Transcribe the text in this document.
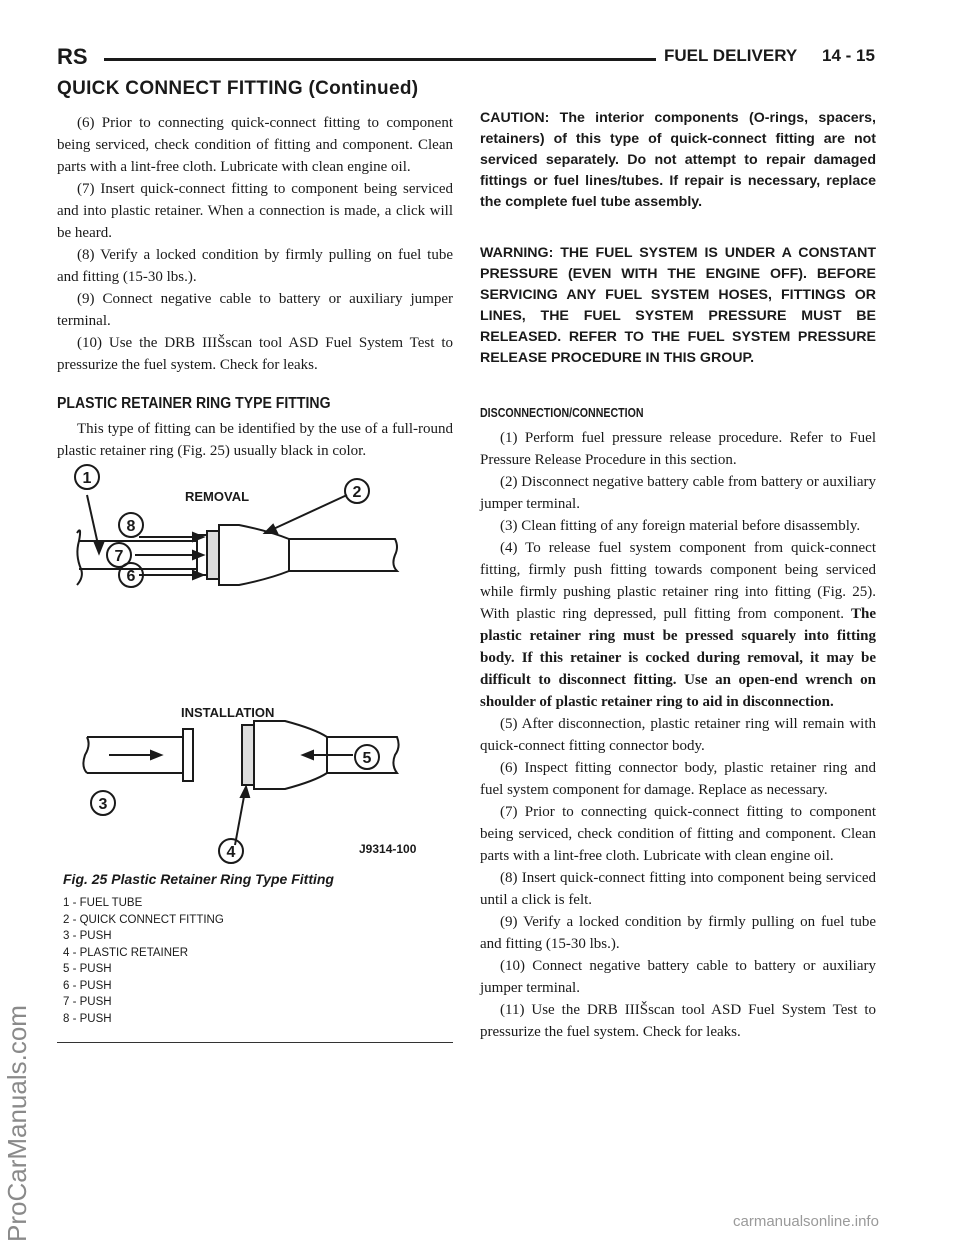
RS	FUEL DELIVERY 14 - 15
QUICK CONNECT FITTING (Continued)

(6) Prior to connecting quick-connect fitting to component being serviced, check condition of fitting and component. Clean parts with a lint-free cloth. Lubricate with clean engine oil.

(7) Insert quick-connect fitting to component being serviced and into plastic retainer. When a connection is made, a click will be heard.

(8) Verify a locked condition by firmly pulling on fuel tube and fitting (15-30 lbs.).

(9) Connect negative cable to battery or auxiliary jumper terminal.

(10) Use the DRB IIIŠscan tool ASD Fuel System Test to pressurize the fuel system. Check for leaks.

PLASTIC RETAINER RING TYPE FITTING

This type of fitting can be identified by the use of a full-round plastic retainer ring (Fig. 25) usually black in color.

REMOVAL
INSTALLATION
J9314-100
1
2
3
4
5
6
7
8
Fig. 25 Plastic Retainer Ring Type Fitting
1 - FUEL TUBE
2 - QUICK CONNECT FITTING
3 - PUSH
4 - PLASTIC RETAINER
5 - PUSH
6 - PUSH
7 - PUSH
8 - PUSH
CAUTION: The interior components (O-rings, spacers, retainers) of this type of quick-connect fitting are not serviced separately. Do not attempt to repair damaged fittings or fuel lines/tubes. If repair is necessary, replace the complete fuel tube assembly.
WARNING: THE FUEL SYSTEM IS UNDER A CONSTANT PRESSURE (EVEN WITH THE ENGINE OFF). BEFORE SERVICING ANY FUEL SYSTEM HOSES, FITTINGS OR LINES, THE FUEL SYSTEM PRESSURE MUST BE RELEASED. REFER TO THE FUEL SYSTEM PRESSURE RELEASE PROCEDURE IN THIS GROUP.
DISCONNECTION/CONNECTION

(1) Perform fuel pressure release procedure. Refer to Fuel Pressure Release Procedure in this section.

(2) Disconnect negative battery cable from battery or auxiliary jumper terminal.

(3) Clean fitting of any foreign material before disassembly.

(4) To release fuel system component from quick-connect fitting, firmly push fitting towards component being serviced while firmly pushing plastic retainer ring into fitting (Fig. 25). With plastic ring depressed, pull fitting from component. The plastic retainer ring must be pressed squarely into fitting body. If this retainer is cocked during removal, it may be difficult to disconnect fitting. Use an open-end wrench on shoulder of plastic retainer ring to aid in disconnection.

(5) After disconnection, plastic retainer ring will remain with quick-connect fitting connector body.

(6) Inspect fitting connector body, plastic retainer ring and fuel system component for damage. Replace as necessary.

(7) Prior to connecting quick-connect fitting to component being serviced, check condition of fitting and component. Clean parts with a lint-free cloth. Lubricate with clean engine oil.

(8) Insert quick-connect fitting into component being serviced until a click is felt.

(9) Verify a locked condition by firmly pulling on fuel tube and fitting (15-30 lbs.).

(10) Connect negative battery cable to battery or auxiliary jumper terminal.

(11) Use the DRB IIIŠscan tool ASD Fuel System Test to pressurize the fuel system. Check for leaks.

ProCarManuals.com	carmanualsonline.info
